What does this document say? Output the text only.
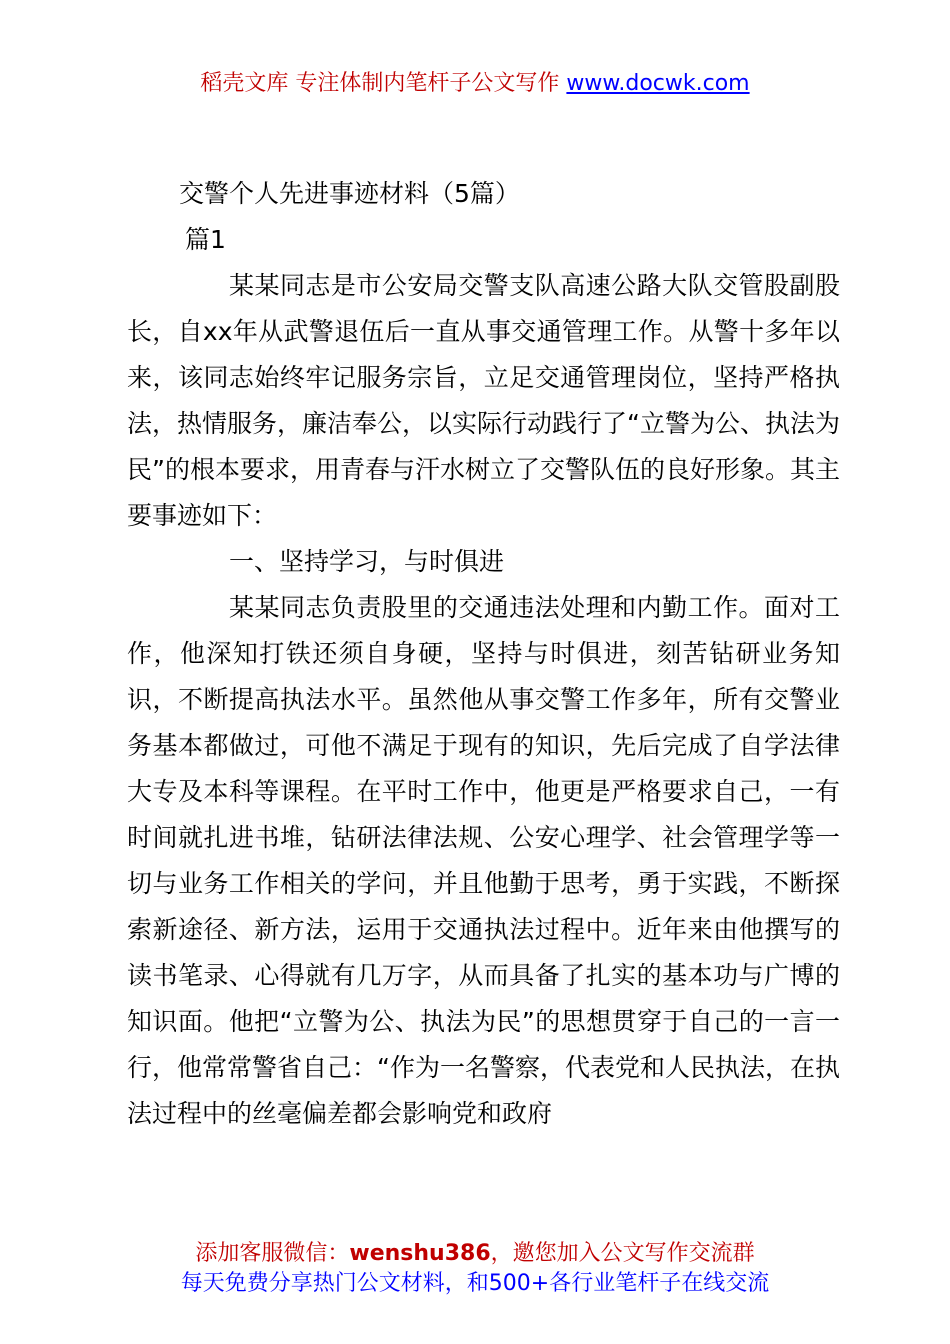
稻壳文库 专注体制内笔杆子公文写作 www.docwk.com

交警个人先进事迹材料（5篇）

篇1

某某同志是市公安局交警支队高速公路大队交管股副股长，自xx年从武警退伍后一直从事交通管理工作。从警十多年以来，该同志始终牢记服务宗旨，立足交通管理岗位，坚持严格执法，热情服务，廉洁奉公，以实际行动践行了“立警为公、执法为民”的根本要求，用青春与汗水树立了交警队伍的良好形象。其主要事迹如下：

一、坚持学习，与时俱进

某某同志负责股里的交通违法处理和内勤工作。面对工作，他深知打铁还须自身硬，坚持与时俱进，刻苦钻研业务知识，不断提高执法水平。虽然他从事交警工作多年，所有交警业务基本都做过，可他不满足于现有的知识，先后完成了自学法律大专及本科等课程。在平时工作中，他更是严格要求自己，一有时间就扎进书堆，钻研法律法规、公安心理学、社会管理学等一切与业务工作相关的学问，并且他勤于思考，勇于实践，不断探索新途径、新方法，运用于交通执法过程中。近年来由他撰写的读书笔录、心得就有几万字，从而具备了扎实的基本功与广博的知识面。他把“立警为公、执法为民”的思想贯穿于自己的一言一行，他常常警省自己：“作为一名警察，代表党和人民执法，在执法过程中的丝毫偏差都会影响党和政府

添加客服微信：wenshu386，邀您加入公文写作交流群
每天免费分享热门公文材料，和500+各行业笔杆子在线交流
